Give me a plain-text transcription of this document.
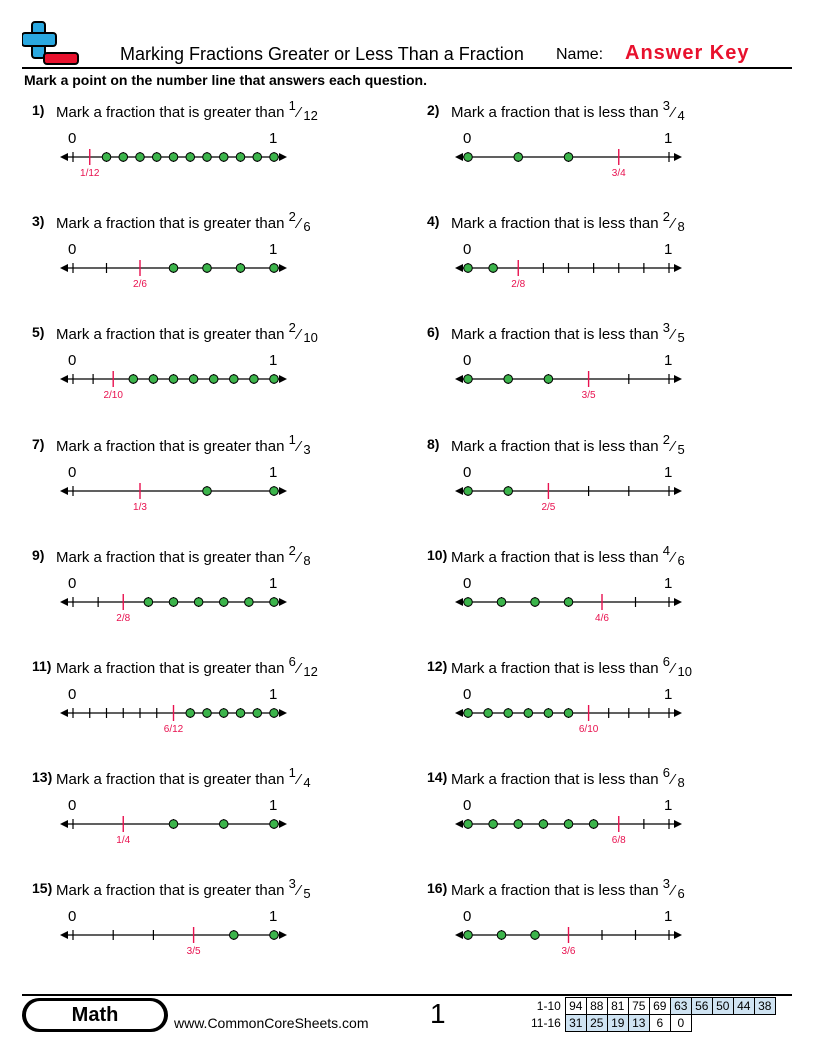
Marking Fractions Greater or Less Than a Fraction Name: Answer Key
Mark a point on the number line that answers each question.
1) Mark a fraction that is greater than 1 ⁄ 12
0	1
1/12
2) Mark a fraction that is less than 3 ⁄ 4
0	1
3/4
3) Mark a fraction that is greater than 2 ⁄ 6
0	1
2/6
4) Mark a fraction that is less than 2 ⁄ 8
0	1
2/8
5) Mark a fraction that is greater than 2 ⁄ 10
0	1
2/10
6) Mark a fraction that is less than 3 ⁄ 5
0	1
3/5
7) Mark a fraction that is greater than 1 ⁄ 3
0	1
1/3
8) Mark a fraction that is less than 2 ⁄ 5
0	1
2/5
9) Mark a fraction that is greater than 2 ⁄ 8
0	1
2/8
10) Mark a fraction that is less than 4 ⁄ 6
0	1
4/6
11) Mark a fraction that is greater than 6 ⁄ 12
0	1
6/12
12) Mark a fraction that is less than 6 ⁄ 10
0	1
6/10
13) Mark a fraction that is greater than 1 ⁄ 4
0	1
1/4
14) Mark a fraction that is less than 6 ⁄ 8
0	1
6/8
15) Mark a fraction that is greater than 3 ⁄ 5
0	1
3/5
16) Mark a fraction that is less than 3 ⁄ 6
0	1
3/6
Math	www.CommonCoreSheets.com 1	1-10	94	88	81	75	69	63	56	50	44	38
11-16	31	25	19	13	6	0				
